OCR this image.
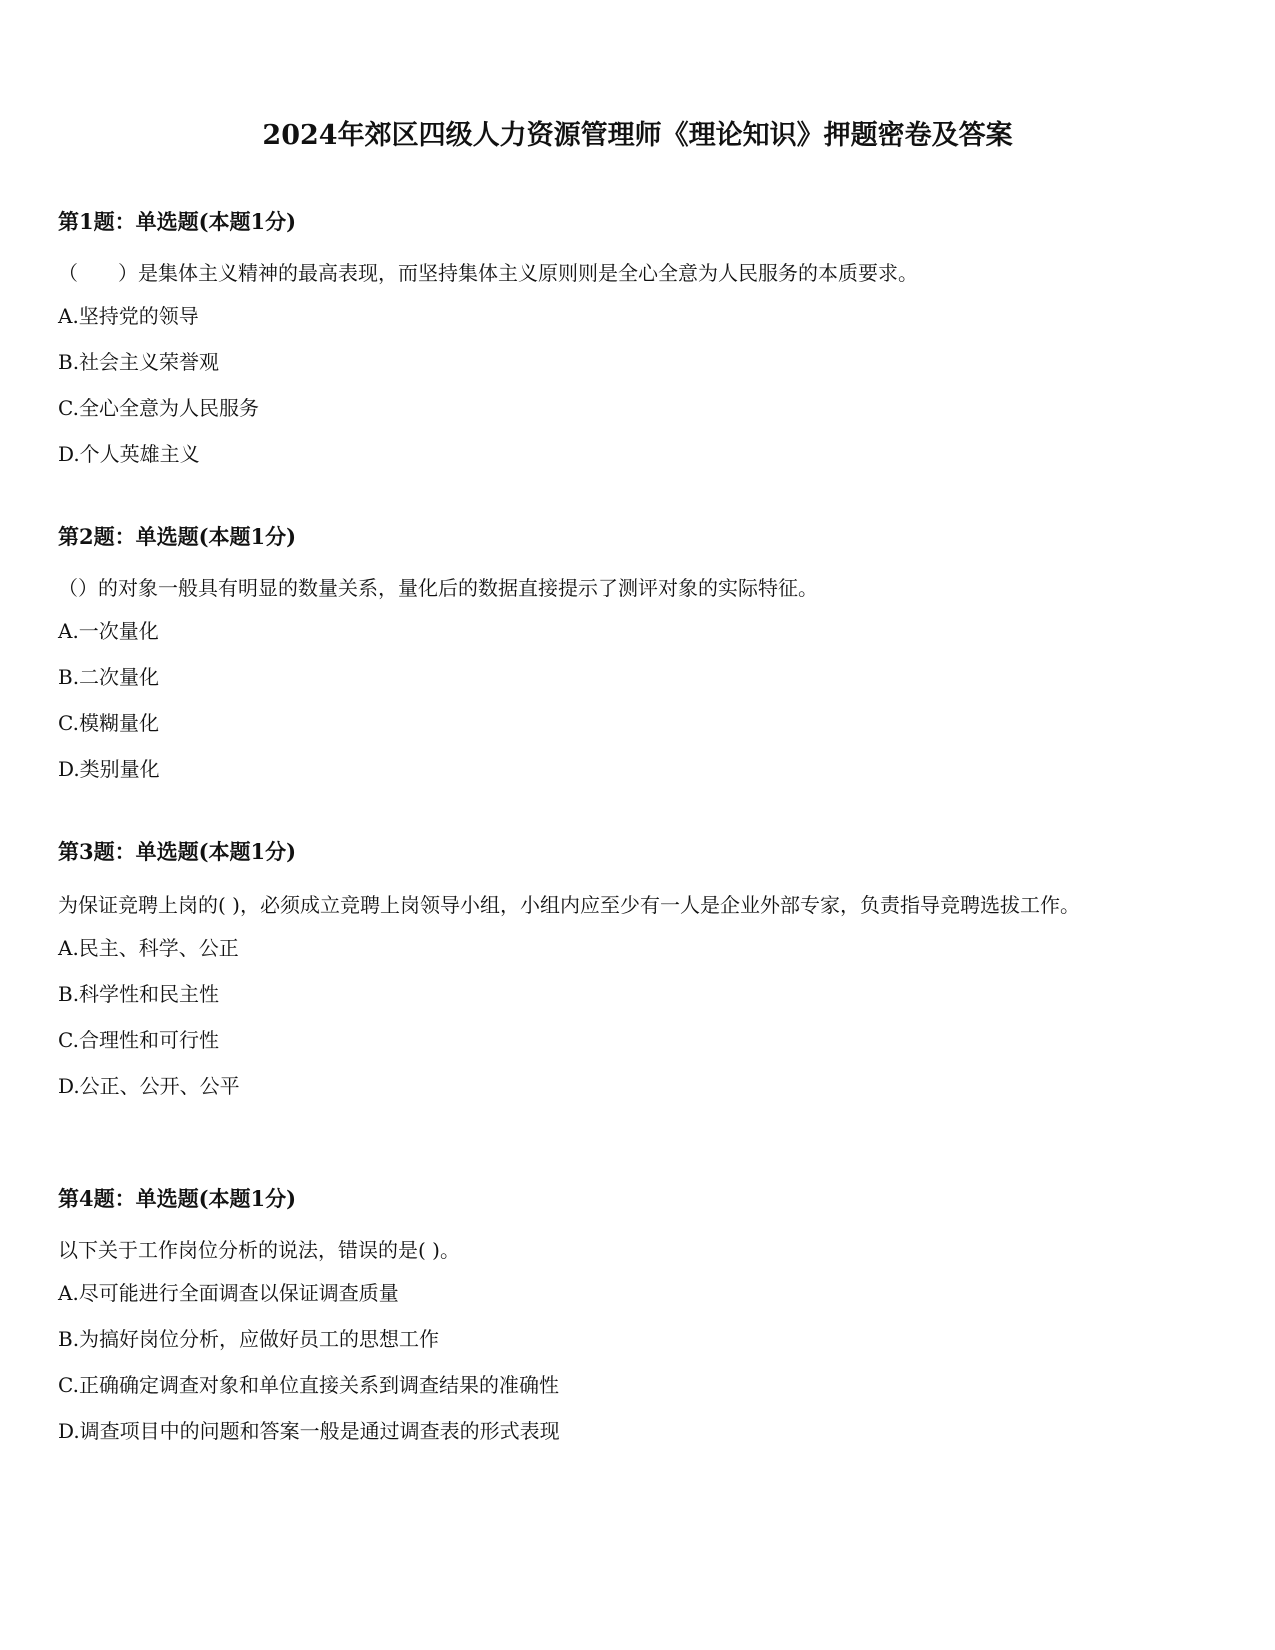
2024年郊区四级人力资源管理师《理论知识》押题密卷及答案
第1题：单选题(本题1分)
（　　）是集体主义精神的最高表现，而坚持集体主义原则则是全心全意为人民服务的本质要求。
A.坚持党的领导
B.社会主义荣誉观
C.全心全意为人民服务
D.个人英雄主义
第2题：单选题(本题1分)
（）的对象一般具有明显的数量关系，量化后的数据直接提示了测评对象的实际特征。
A.一次量化
B.二次量化
C.模糊量化
D.类别量化
第3题：单选题(本题1分)
为保证竞聘上岗的( )，必须成立竞聘上岗领导小组，小组内应至少有一人是企业外部专家，负责指导竞聘选拔工作。
A.民主、科学、公正
B.科学性和民主性
C.合理性和可行性
D.公正、公开、公平
第4题：单选题(本题1分)
以下关于工作岗位分析的说法，错误的是( )。
A.尽可能进行全面调查以保证调查质量
B.为搞好岗位分析，应做好员工的思想工作
C.正确确定调查对象和单位直接关系到调查结果的准确性
D.调查项目中的问题和答案一般是通过调查表的形式表现
